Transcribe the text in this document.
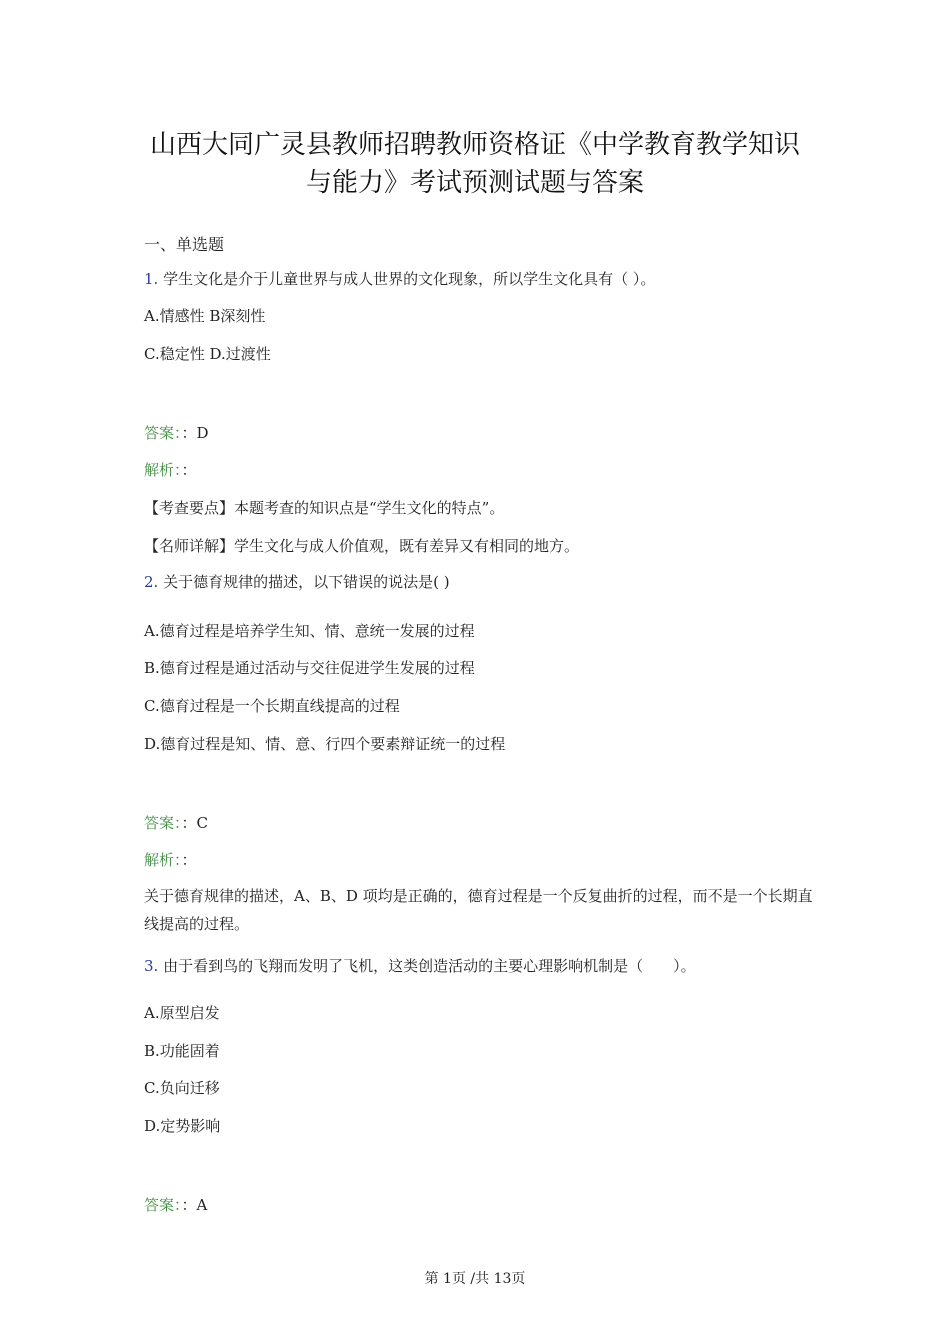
山西大同广灵县教师招聘教师资格证《中学教育教学知识
与能力》考试预测试题与答案
一、单选题
1. 学生文化是介于儿童世界与成人世界的文化现象，所以学生文化具有（ ）。
A.情感性 B深刻性
C.稳定性 D.过渡性
答案：：D
解析：：
【考查要点】本题考查的知识点是“学生文化的特点”。
【名师详解】学生文化与成人价值观，既有差异又有相同的地方。
2. 关于德育规律的描述，以下错误的说法是( )
A.德育过程是培养学生知、情、意统一发展的过程
B.德育过程是通过活动与交往促进学生发展的过程
C.德育过程是一个长期直线提高的过程
D.德育过程是知、情、意、行四个要素辩证统一的过程
答案：：C
解析：：
关于德育规律的描述，A、B、D 项均是正确的，德育过程是一个反复曲折的过程，而不是一个长期直线提高的过程。
3. 由于看到鸟的飞翔而发明了飞机，这类创造活动的主要心理影响机制是（　　）。
A.原型启发
B.功能固着
C.负向迁移
D.定势影响
答案：：A
第 1页 /共 13页
